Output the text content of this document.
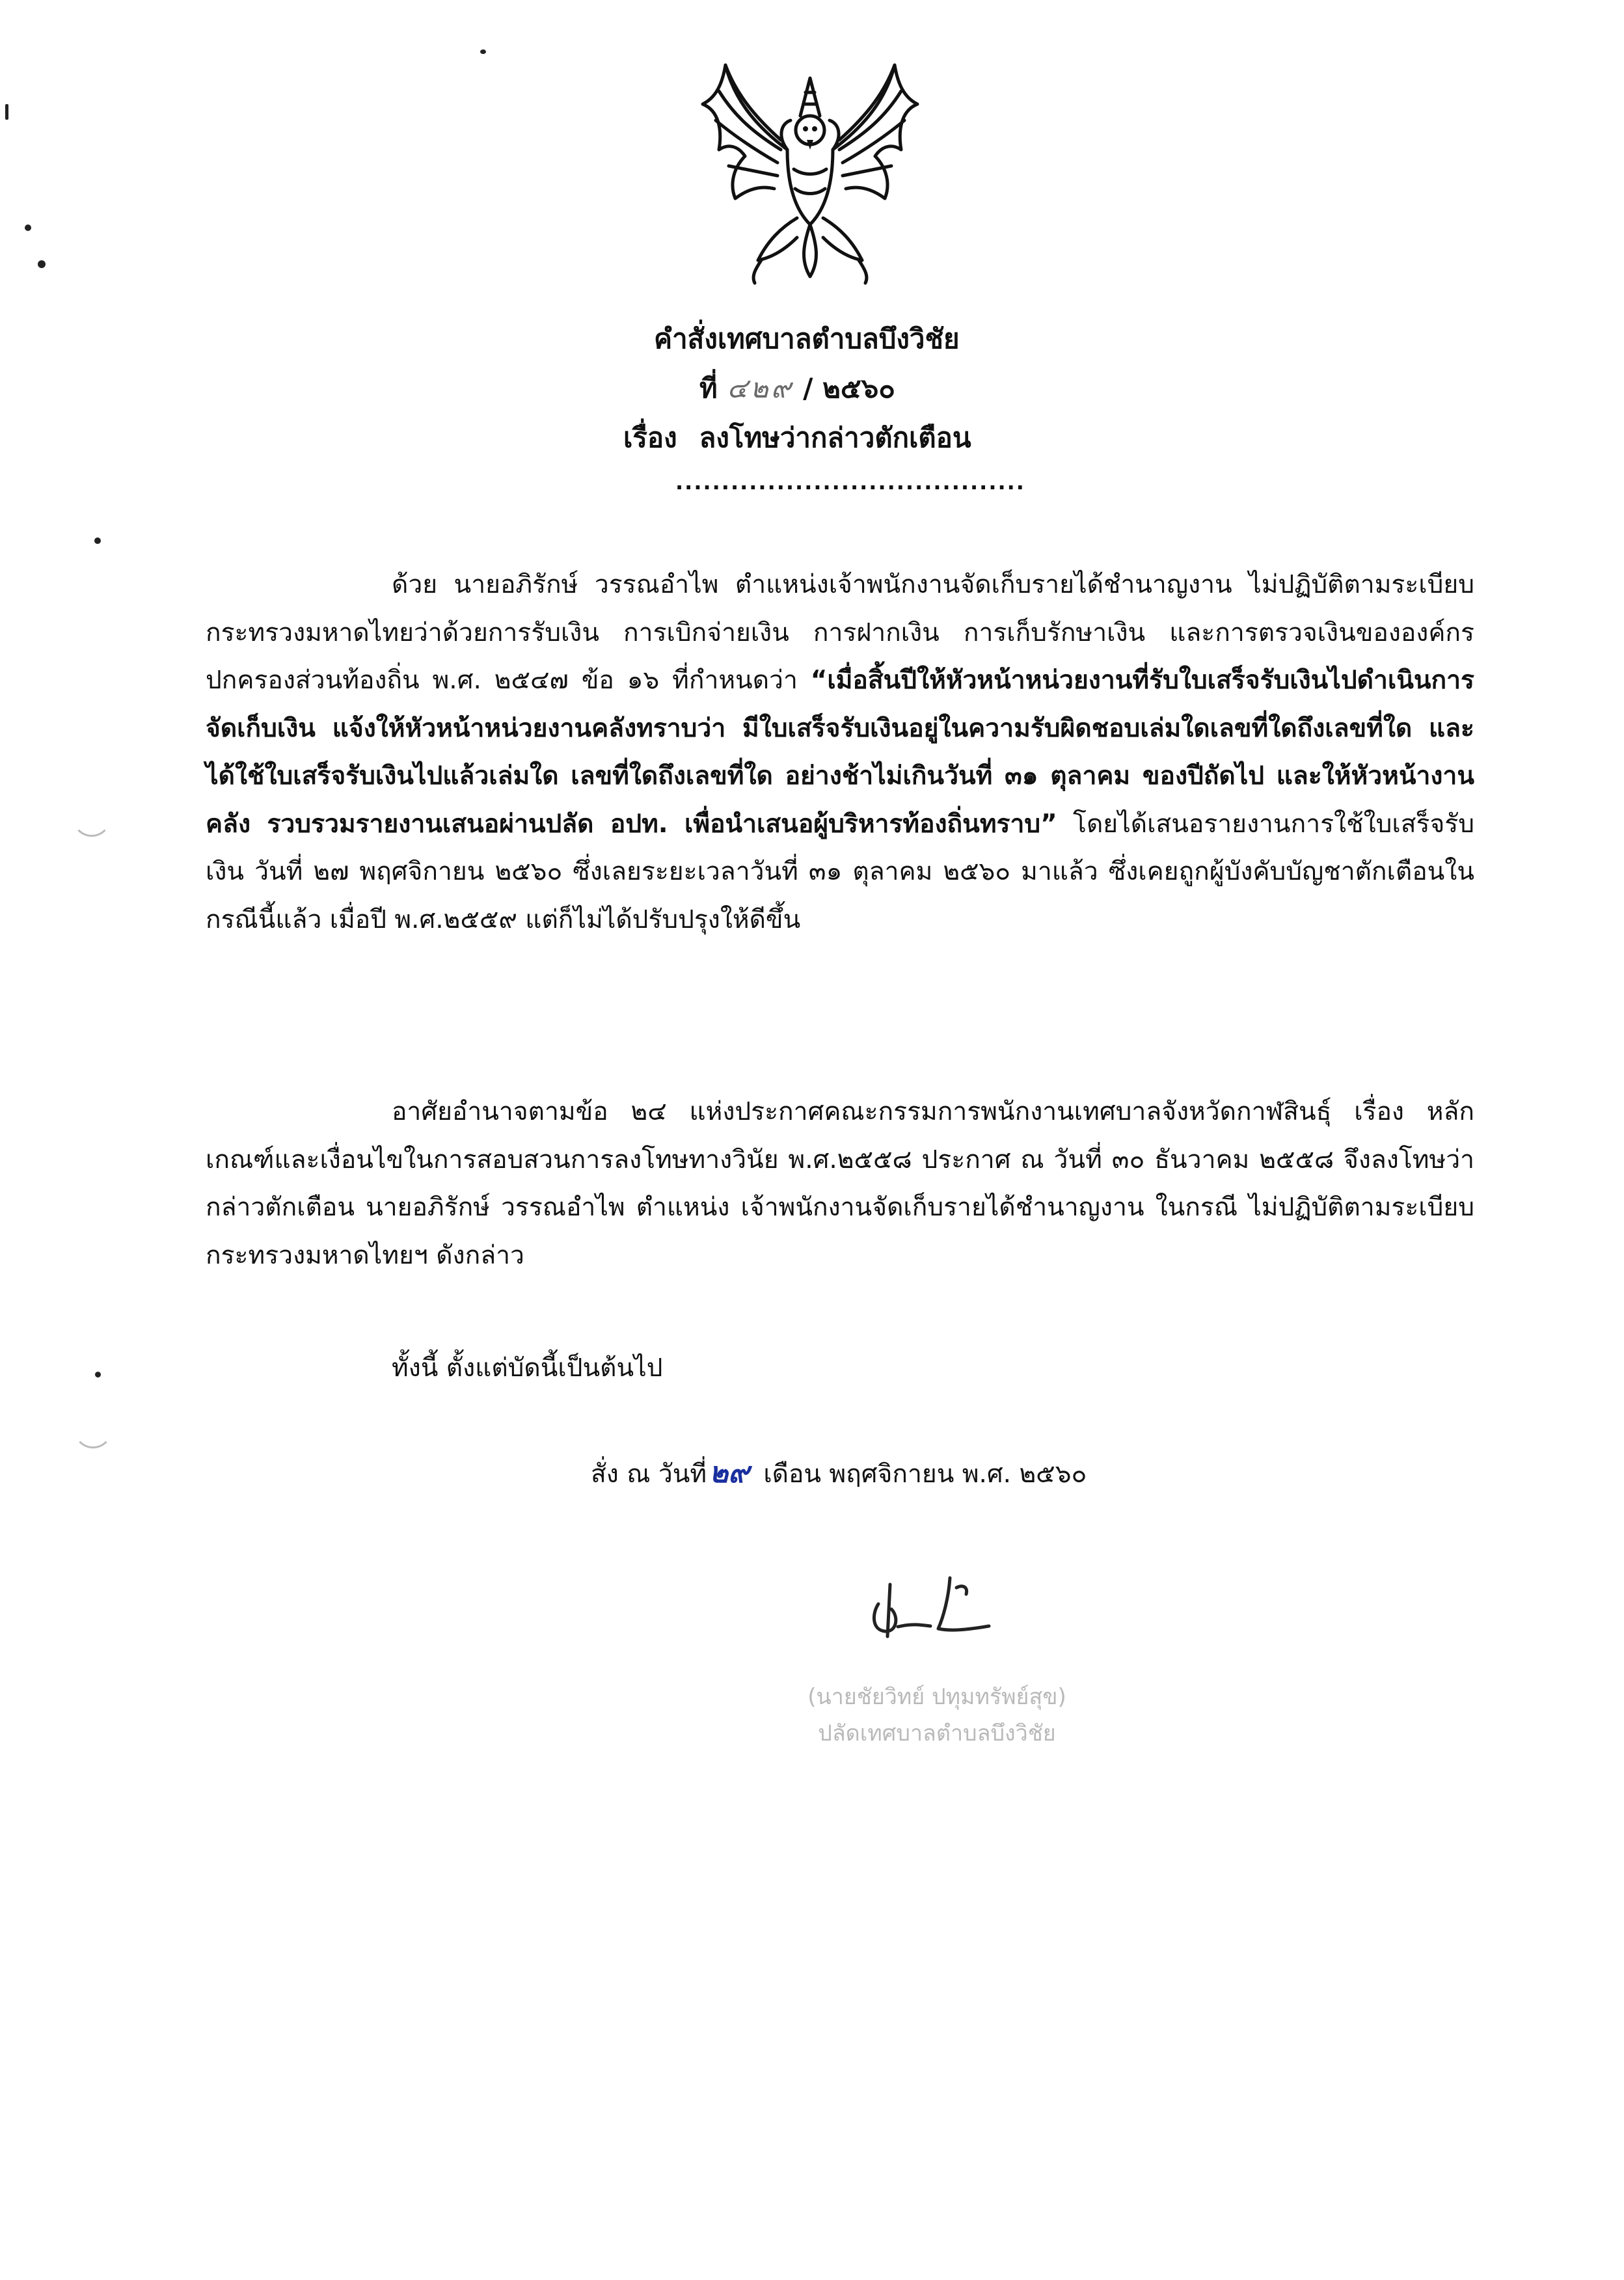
คำสั่งเทศบาลตำบลบึงวิชัย
ที่ ๔๒๙ / ๒๕๖๐
เรื่อง ลงโทษว่ากล่าวตักเตือน
......................................
ด้วย นายอภิรักษ์ วรรณอำไพ ตำแหน่งเจ้าพนักงานจัดเก็บรายได้ชำนาญงาน ไม่ปฏิบัติตามระเบียบกระทรวงมหาดไทยว่าด้วยการรับเงิน การเบิกจ่ายเงิน การฝากเงิน การเก็บรักษาเงิน และการตรวจเงินขององค์กรปกครองส่วนท้องถิ่น พ.ศ. ๒๕๔๗ ข้อ ๑๖ ที่กำหนดว่า “เมื่อสิ้นปีให้หัวหน้าหน่วยงานที่รับใบเสร็จรับเงินไปดำเนินการจัดเก็บเงิน แจ้งให้หัวหน้าหน่วยงานคลังทราบว่า มีใบเสร็จรับเงินอยู่ในความรับผิดชอบเล่มใดเลขที่ใดถึงเลขที่ใด และได้ใช้ใบเสร็จรับเงินไปแล้วเล่มใด เลขที่ใดถึงเลขที่ใด อย่างช้าไม่เกินวันที่ ๓๑ ตุลาคม ของปีถัดไป และให้หัวหน้างานคลัง รวบรวมรายงานเสนอผ่านปลัด อปท. เพื่อนำเสนอผู้บริหารท้องถิ่นทราบ” โดยได้เสนอรายงานการใช้ใบเสร็จรับเงิน วันที่ ๒๗ พฤศจิกายน ๒๕๖๐ ซึ่งเลยระยะเวลาวันที่ ๓๑ ตุลาคม ๒๕๖๐ มาแล้ว ซึ่งเคยถูกผู้บังคับบัญชาตักเตือนในกรณีนี้แล้ว เมื่อปี พ.ศ.๒๕๕๙ แต่ก็ไม่ได้ปรับปรุงให้ดีขึ้น
อาศัยอำนาจตามข้อ ๒๔ แห่งประกาศคณะกรรมการพนักงานเทศบาลจังหวัดกาฬสินธุ์ เรื่อง หลักเกณฑ์และเงื่อนไขในการสอบสวนการลงโทษทางวินัย พ.ศ.๒๕๕๘ ประกาศ ณ วันที่ ๓๐ ธันวาคม ๒๕๕๘ จึงลงโทษว่ากล่าวตักเตือน นายอภิรักษ์ วรรณอำไพ ตำแหน่ง เจ้าพนักงานจัดเก็บรายได้ชำนาญงาน ในกรณี ไม่ปฏิบัติตามระเบียบกระทรวงมหาดไทยฯ ดังกล่าว
ทั้งนี้ ตั้งแต่บัดนี้เป็นต้นไป
สั่ง ณ วันที่๒๙ เดือน พฤศจิกายน พ.ศ. ๒๕๖๐
(นายชัยวิทย์ ปทุมทรัพย์สุข)
ปลัดเทศบาลตำบลบึงวิชัย
